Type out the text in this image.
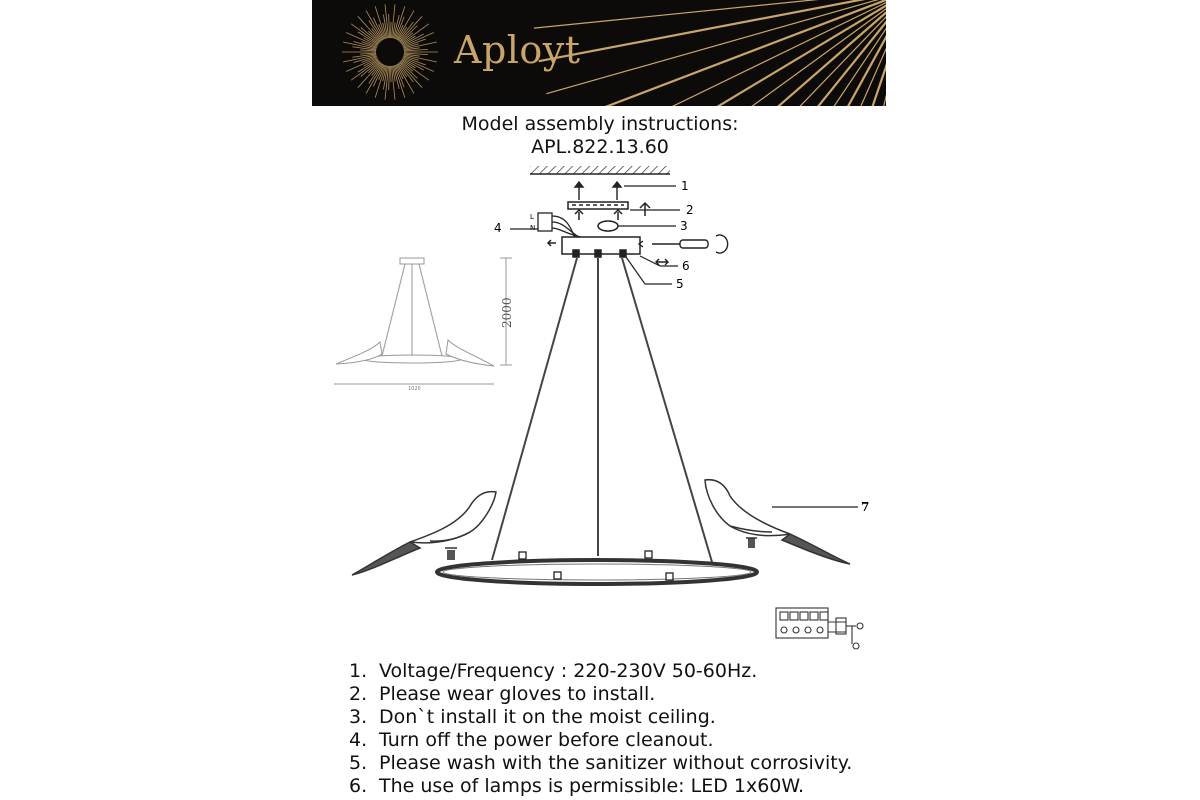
Aployt
Model assembly instructions:
APL.822.13.60
L
N
1
2
3
4
6
5
7
2000
1020
1. Voltage/Frequency : 220-230V 50-60Hz.
2. Please wear gloves to install.
3. Don`t install it on the moist ceiling.
4. Turn off the power before cleanout.
5. Please wash with the sanitizer without corrosivity.
6. The use of lamps is permissible: LED 1x60W.
